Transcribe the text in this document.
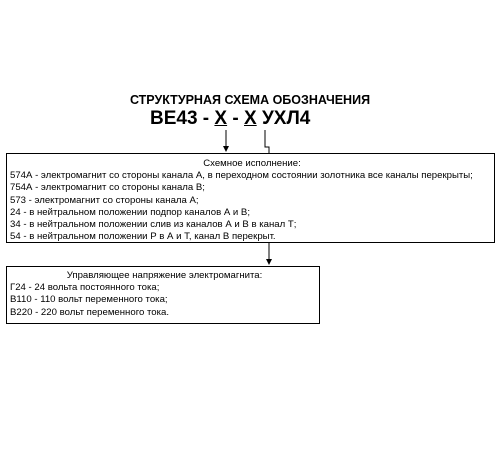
СТРУКТУРНАЯ СХЕМА ОБОЗНАЧЕНИЯ
ВЕ43 - Х - Х УХЛ4
Схемное исполнение:
574А - электромагнит со стороны канала А, в переходном состоянии золотника все каналы перекрыты;
754А - электромагнит со стороны канала В;
573 - электромагнит со стороны канала А;
24 - в нейтральном положении подпор каналов А и В;
34 - в нейтральном положении слив из каналов А и В в канал Т;
54 - в нейтральном положении Р в А и Т, канал В перекрыт.
Управляющее напряжение электромагнита:
Г24 - 24 вольта постоянного тока;
В110 - 110 вольт переменного тока;
В220 - 220 вольт переменного тока.
